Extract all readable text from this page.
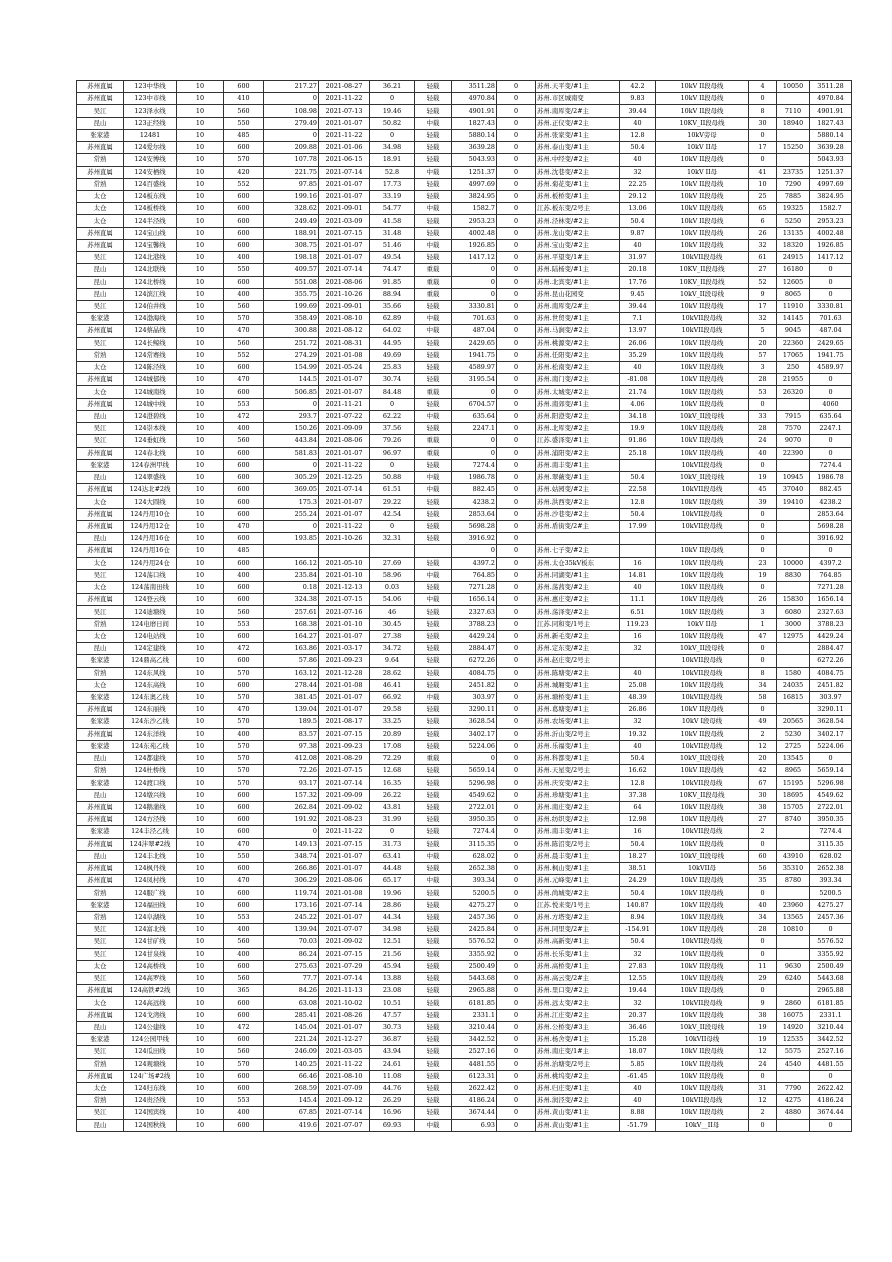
苏州直属	123中华线	10	600	217.27	2021-08-27	36.21	轻载	3511.28	0	苏州.天平变/#1主	42.2	10kV II段母线	4	10050	3511.28
苏州直属	123中市线	10	410	0	2021-11-22	0	轻载	4970.84	0	苏州.市区城南变	9.83	10kV II段母线	0		4970.84
吴江	123泽水线	10	560	108.98	2021-07-13	19.46	轻载	4901.91	0	苏州.南厍变/2#主	39.44	10kV II段母线	8	7110	4901.91
昆山	123正经线	10	550	279.49	2021-01-07	50.82	中载	1827.43	0	苏州.正仪变/#2主	40	10KV_II段母线	30	18940	1827.43
张家港	12481	10	485	0	2021-11-22	0	轻载	5880.14	0	苏州.张家变/#1主	12.8	10kV旁母	0		5880.14
苏州直属	124爱尔线	10	600	209.88	2021-01-06	34.98	轻载	3639.28	0	苏州.泰山变/#1主	50.4	10kV II母	17	15250	3639.28
常熟	124安博线	10	570	107.78	2021-06-15	18.91	轻载	5043.93	0	苏州.中经变/#2主	40	10kV II段母线	0		5043.93
苏州直属	124安栖线	10	420	221.75	2021-07-14	52.8	中载	1251.37	0	苏州.沈巷变/#2主	32	10kV II母	41	23735	1251.37
常熟	124百盛线	10	552	97.85	2021-01-07	17.73	轻载	4997.69	0	苏州.菊花变/#1主	22.25	10kV II段母线	10	7290	4997.69
太仓	124板东线	10	600	199.16	2021-01-07	33.19	轻载	3824.95	0	苏州.板桥变/#1主	29.12	10kV II段母线	25	7885	3824.95
太仓	124板桥线	10	600	328.62	2021-09-01	54.77	中载	1582.7	0	江苏.板东变/2号主	13.06	10kV II段母线	65	19325	1582.7
太仓	124半泾线	10	600	249.49	2021-03-09	41.58	轻载	2953.23	0	苏州.泾林变/#2主	50.4	10kV II段母线	6	5250	2953.23
苏州直属	124宝山线	10	600	188.91	2021-07-15	31.48	轻载	4002.48	0	苏州.龙山变/#2主	9.87	10kV II段母线	26	13135	4002.48
苏州直属	124宝馨线	10	600	308.75	2021-01-07	51.46	中载	1926.85	0	苏州.宝山变/#2主	40	10kV II段母线	32	18320	1926.85
吴江	124北港线	10	400	198.18	2021-01-07	49.54	轻载	1417.12	0	苏州.平望变/1#主	31.97	10kVII段母线	61	24915	1417.12
昆山	124北联线	10	550	409.57	2021-07-14	74.47	重载	0	0	苏州.陆杨变/#1主	20.18	10KV_II段母线	27	16180	0
昆山	124北桥线	10	600	551.08	2021-08-06	91.85	重载	0	0	苏州.北宾变/#1主	17.76	10KV_II段母线	52	12605	0
昆山	124滨江线	10	400	355.75	2021-10-26	88.94	重载	0	0	苏州.昆山花园变	9.45	10kV_II段母线	9	8065	0
吴江	124伯井线	10	560	199.69	2021-09-01	35.66	轻载	3330.81	0	苏州.南厍变/2#主	39.44	10kV II段母线	17	11910	3330.81
张家港	124渤海线	10	570	358.49	2021-08-10	62.89	中载	701.63	0	苏州.世贸变/#1主	7.1	10kVII段母线	32	14145	701.63
苏州直属	124蔡晶线	10	470	300.88	2021-08-12	64.02	中载	487.04	0	苏州.马涧变/#2主	13.97	10kVII段母线	5	9045	487.04
吴江	124长鲸线	10	560	251.72	2021-08-31	44.95	轻载	2429.65	0	苏州.桃源变/#2主	26.06	10kV II段母线	20	22360	2429.65
常熟	124常赛线	10	552	274.29	2021-01-08	49.69	轻载	1941.75	0	苏州.任阳变/#2主	35.29	10kV II段母线	57	17065	1941.75
太仓	124陈泾线	10	600	154.99	2021-05-24	25.83	轻载	4589.97	0	苏州.松南变/#2主	40	10kV II段母线	3	250	4589.97
苏州直属	124城郁线	10	470	144.5	2021-01-07	30.74	轻载	3195.54	0	苏州.南门变/#2主	-81.08	10kV II段母线	28	21955	0
太仓	124城南线	10	600	506.85	2021-01-07	84.48	重载	0	0	苏州.太城变/#2主	21.74	10kV II段母线	53	26320	0
苏州直属	124城中线	10	553	0	2021-11-21	0	轻载	6704.57	0	苏州.南郊变/#1主	4.06	10kV II段母线	0		4060
昆山	124澄碧线	10	472	293.7	2021-07-22	62.22	中载	635.64	0	苏州.阳澄变/#2主	34.18	10kV_II段母线	33	7915	635.64
吴江	124崇本线	10	400	150.26	2021-09-09	37.56	轻载	2247.1	0	苏州.北厍变/#2主	19.9	10kV II段母线	28	7570	2247.1
吴江	124垂虹线	10	560	443.84	2021-08-06	79.26	重载	0	0	江苏.盛泽变/#1主	91.86	10kV II段母线	24	9070	0
苏州直属	124春北线	10	600	581.83	2021-01-07	96.97	重载	0	0	苏州.浦阳变/#2主	25.18	10kV II段母线	40	22390	0
张家港	124春洲甲线	10	600	0	2021-11-22	0	轻载	7274.4	0	苏州.南丰变/#1主		10kVII段母线	0		7274.4
昆山	124翠盛线	10	600	305.29	2021-12-25	50.88	中载	1986.78	0	苏州.翠薇变/#1主	50.4	10kV_II段母线	19	10945	1986.78
苏州直属	124达北#2线	10	600	369.05	2021-07-14	61.51	中载	882.45	0	苏州.姑园变/#2主	22.58	10kVII段母线	45	37040	882.45
太仓	124大圆线	10	600	175.3	2021-01-07	29.22	轻载	4238.2	0	苏州.洪西变/#2主	12.8	10kV II段母线	39	19410	4238.2
苏州直属	124丹用10仓	10	600	255.24	2021-01-07	42.54	轻载	2853.64	0	苏州.沙巷变/#2主	50.4	10kVII段母线	0		2853.64
苏州直属	124丹用12仓	10	470	0	2021-11-22	0	轻载	5698.28	0	苏州.盾街变/2#主	17.99	10kVII段母线	0		5698.28
昆山	124丹用16仓	10	600	193.85	2021-10-26	32.31	轻载	3916.92	0				0		3916.92
苏州直属	124丹用16仓	10	485					0	0	苏州.七子变/#2主		10kV II段母线	0		0
太仓	124丹用24仓	10	600	166.12	2021-05-10	27.69	轻载	4397.2	0	苏州.太仓35kV板东	16	10kV II段母线	23	10000	4397.2
吴江	124荡口线	10	400	235.84	2021-01-10	58.96	中载	764.85	0	苏州.同湖变/#1主	14.81	10kV II段母线	19	8830	764.85
太仓	124荡南田线	10	600	0.18	2021-12-13	0.03	轻载	7271.28	0	苏州.荡茜变/#2主	40	10kV II段母线	0		7271.28
苏州直属	124登云线	10	600	324.38	2021-07-15	54.06	中载	1656.14	0	苏州.惠庄变/#2主	11.1	10kV II段母线	26	15830	1656.14
吴江	124迪塘线	10	560	257.61	2021-07-16	46	轻载	2327.63	0	苏州.荡泽变/#2主	6.51	10kV II段母线	3	6080	2327.63
常熟	124电磨日间	10	553	168.38	2021-01-10	30.45	轻载	3788.23	0	江苏.同和变/1号主	119.23	10kV II母	1	3000	3788.23
太仓	124电站线	10	600	164.27	2021-01-07	27.38	轻载	4429.24	0	苏州.新毛变/#2主	16	10kV II段母线	47	12975	4429.24
昆山	124定建线	10	472	163.86	2021-03-17	34.72	轻载	2884.47	0	苏州.定东变/#2主	32	10kV_II段母线	0		2884.47
张家港	124鼎高乙线	10	600	57.86	2021-09-23	9.64	轻载	6272.26	0	苏州.赵庄变/2号主		10kVII段母线	0		6272.26
常熟	124东风线	10	570	163.12	2021-12-28	28.62	轻载	4084.75	0	苏州.陈塘变/#2主	40	10kVII段母线	8	1580	4084.75
太仓	124东高线	10	600	278.44	2021-01-08	46.41	轻载	2451.82	0	苏州.城厢变/#1主	25.08	10kV II段母线	34	24035	2451.82
张家港	124东奥乙线	10	570	381.45	2021-01-07	66.92	中载	303.97	0	苏州.塘桥变/#1主	48.39	10kVII段母线	58	16815	303.97
苏州直属	124东丽线	10	470	139.04	2021-01-07	29.58	轻载	3290.11	0	苏州.葛塘变/#1主	26.86	10kV II段母线	0		3290.11
张家港	124东沙乙线	10	570	189.5	2021-08-17	33.25	轻载	3628.54	0	苏州.农场变/#1主	32	10kV I段母线	49	20565	3628.54
苏州直属	124东洋线	10	400	83.57	2021-07-15	20.89	轻载	3402.17	0	苏州.沂山变/2号主	19.32	10kV II段母线	2	5230	3402.17
张家港	124东苑乙线	10	570	97.38	2021-09-23	17.08	轻载	5224.06	0	苏州.乐福变/#1主	40	10kVII段母线	12	2725	5224.06
昆山	124都建线	10	570	412.08	2021-08-29	72.29	重载	0	0	苏州.科都变/#1主	50.4	10kV_II段母线	20	13545	0
常熟	124杜桥线	10	570	72.26	2021-07-15	12.68	轻载	5659.14	0	苏州.天星变/2号主	16.62	10kV II段母线	42	8965	5659.14
张家港	124渡口线	10	570	93.17	2021-07-14	16.35	轻载	5296.98	0	苏州.庆安变/#2主	12.8	10kVII段母线	67	15195	5296.98
昆山	124墩兴线	10	600	157.32	2021-09-09	26.22	轻载	4549.62	0	苏州.珍塘变/#1主	37.38	10KV_II段母线	30	18695	4549.62
苏州直属	124鹅蒲线	10	600	262.84	2021-09-02	43.81	轻载	2722.01	0	苏州.南庄变/#2主	64	10kV II段母线	38	15705	2722.01
苏州直属	124方泾线	10	600	191.92	2021-08-23	31.99	轻载	3950.35	0	苏州.纺织变/#2主	12.98	10kV II段母线	27	8740	3950.35
张家港	124丰泾乙线	10	600	0	2021-11-22	0	轻载	7274.4	0	苏州.南丰变/#1主	16	10kVII段母线	2		7274.4
苏州直属	124沣翠#2线	10	470	149.13	2021-07-15	31.73	轻载	3115.35	0	苏州.陈沼变/2号主	50.4	10kV II段母线	0		3115.35
昆山	124丰北线	10	550	348.74	2021-01-07	63.41	中载	628.02	0	苏州.晨丰变/#1主	18.27	10kV_II段母线	60	43910	628.02
苏州直属	124枫丹线	10	600	266.86	2021-01-07	44.48	轻载	2652.38	0	苏州.枫山变/#1主	38.51	10kVII母	56	35310	2652.38
苏州直属	124凤村线	10	470	306.29	2021-08-06	65.17	中载	393.34	0	苏州.元峰变/#1主	24.29	10kV II段母线	35	8780	393.34
常熟	124服广线	10	600	119.74	2021-01-08	19.96	轻载	5200.5	0	苏州.尚城变/#2主	50.4	10kV II段母线	0		5200.5
张家港	124福田线	10	600	173.16	2021-07-14	28.86	轻载	4275.27	0	江苏.悦来变/1号主	140.87	10kV II段母线	40	23960	4275.27
常熟	124阜湖线	10	553	245.22	2021-01-07	44.34	轻载	2457.36	0	苏州.方塔变/#2主	8.94	10kV II段母线	34	13565	2457.36
吴江	124富北线	10	400	139.94	2021-07-07	34.98	轻载	2425.84	0	苏州.同里变/2#主	-154.91	10kV II段母线	28	10810	0
吴江	124甘矿线	10	560	70.03	2021-09-02	12.51	轻载	5576.52	0	苏州.高新变/#1主	50.4	10kVII段母线	0		5576.52
吴江	124甘泉线	10	400	86.24	2021-07-15	21.56	轻载	3355.92	0	苏州.长乐变/#1主	32	10kV II段母线	0		3355.92
太仓	124高桥线	10	600	275.63	2021-07-29	45.94	轻载	2500.49	0	苏州.高桥变/#1主	27.83	10kV II段母线	11	9630	2500.49
吴江	124高罗线	10	560	77.7	2021-07-14	13.88	轻载	5443.68	0	苏州.高云变/2#主	12.55	10kV II段母线	29	6240	5443.68
苏州直属	124高铁#2线	10	365	84.26	2021-11-13	23.08	轻载	2965.88	0	苏州.里口变/#2主	19.44	10kV II段母线	0		2965.88
太仓	124高远线	10	600	63.08	2021-10-02	10.51	轻载	6181.85	0	苏州.远太变/#2主	32	10kVII段母线	9	2860	6181.85
苏州直属	124戈湾线	10	600	285.41	2021-08-26	47.57	轻载	2331.1	0	苏州.江庄变/#2主	20.37	10kV II段母线	38	16075	2331.1
昆山	124公建线	10	472	145.04	2021-01-07	30.73	轻载	3210.44	0	苏州.公桥变/#3主	36.46	10kV_II段母线	19	14920	3210.44
张家港	124公园甲线	10	600	221.24	2021-12-27	36.87	轻载	3442.52	0	苏州.杨舍变/#1主	15.28	10kVII母线	19	12535	3442.52
吴江	124瓜田线	10	560	246.09	2021-03-05	43.94	轻载	2527.16	0	苏州.南庄变/1#主	18.07	10kV II段母线	12	5575	2527.16
常熟	124观塘线	10	570	140.25	2021-11-22	24.61	轻载	4481.55	0	苏州.治塘变/2号主	5.85	10kV II段母线	24	4540	4481.55
苏州直属	124广场#2线	10	600	66.46	2021-08-10	11.08	轻载	6123.31	0	苏州.桃坞变/#2主	-61.45	10kV II段母线	0		0
太仓	124归东线	10	600	268.59	2021-07-09	44.76	轻载	2622.42	0	苏州.归庄变/#1主	40	10kV II段母线	31	7790	2622.42
常熟	124贵泾线	10	553	145.4	2021-09-12	26.29	轻载	4186.24	0	苏州.润泾变/#2主	40	10kVII段母线	12	4275	4186.24
吴江	124国宾线	10	400	67.85	2021-07-14	16.96	轻载	3674.44	0	苏州.黄山变/#1主	8.88	10kV II段母线	2	4880	3674.44
昆山	124国秋线	10	600	419.6	2021-07-07	69.93	中载	6.93	0	苏州.黄山变/#1主	-51.79	10kV__II母	0		0
